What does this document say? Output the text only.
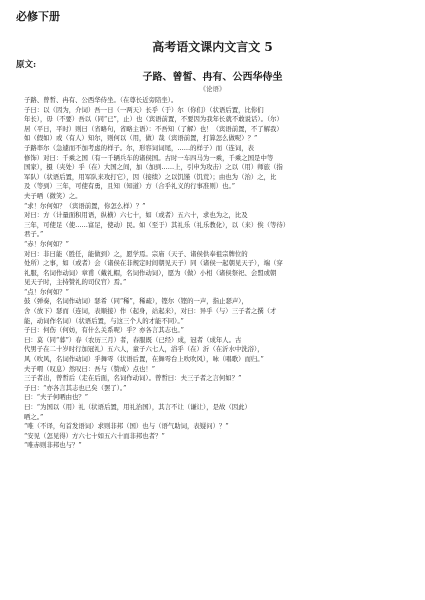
必修下册
高考语文课内文言文 5
原文:
子路、曾皙、冉有、公西华侍坐
《论语》
子路、曾皙、冉有、公西华侍坐。（在尊长近旁陪坐）。
子曰：以（因为，介词）吾一日（一两天）长乎（于）尔（你们）（状语后置，比你们
年长），毋（不要）吾以（同“已”，止）也（宾语前置，不要因为我年长就不敢说话）。（尔）
居（平日，平时）则曰（省略句，省略主语）：不吾知（了解）也！（宾语前置，不了解我）
如（假如）或（有人）知尔，则何以（用，做）哉（宾语前置，打算怎么做呢）？”
子路率尔（急遽而不加考虑的样子。尔，形容词词尾，……的样子）而（连词，表
修饰）对曰：千乘之国（有一千辆兵车的诸侯国。古时一车四马为一乘，千乘之国是中等
国家），摄（夹处）乎（在）大国之间，加（加到……上，引申为攻击）之以（用）师旅（指
军队）（状语后置，用军队来攻打它），因（接续）之以饥馑（饥荒）；由也为（治）之，比
及（等到）三年，可使有勇，且知（知道）方（合乎礼义的行事准则）也。”
夫子哂（微笑）之。
“求！尔何如？（宾语前置，你怎么样）？”
对曰：方（计量面积用语，纵横）六七十，如（或者）五六十，求也为之，比及
三年，可使足（使……富足，使动）民。如（至于）其礼乐（礼乐教化），以（来）俟（等待）
君子。”
“赤！尔何如？”
对曰：非曰能（胜任，能做到）之，愿学焉。宗庙（天子、诸侯供奉祖宗牌位的
处所）之事，如（或者）会（诸侯在非规定时间朝见天子）同（诸侯一起朝见天子），端（穿
礼服，名词作动词）章甫（戴礼帽，名词作动词），愿为（做）小相（诸侯祭祀、会盟或朝
见天子时，主持赞礼的司仪官）焉。”
“点！尔何如？”
鼓（弹奏，名词作动词）瑟希（同“稀”，稀疏），铿尔（铿的一声，指止瑟声），
舍（放下）瑟而（连词，表顺接）作（起身，站起来），对曰：异乎（与）三子者之撰（才
能，动词作名词）（状语后置，与这三个人的才能不同）。”
子曰：何伤（何妨，有什么关系呢）乎？亦各言其志也。”
曰：莫（同“暮”）春（农历三月）者，春服既（已经）成，冠者（成年人。古
代男子在二十岁时行加冠礼）五六人，童子六七人，浴乎（在）沂（在沂水中洗浴），
风（吹风，名词作动词）乎舞雩（状语后置，在舞雩台上吹吹风），咏（唱歌）而归。”
夫子喟（叹息）然叹曰：吾与（赞成）点也！”
三子者出，曾皙后（走在后面，名词作动词）。曾皙曰：夫三子者之言何如？”
子曰：“亦各言其志也已矣（罢了）。”
曰：“夫子何哂由也？”
曰：“为国以（用）礼（状语后置，用礼治国），其言不让（谦让），是故（因此）
哂之。”
“唯（不译，句首发语词）求则非邦（国）也与（语气助词，表疑问）？”
“安见（怎见得）方六七十如五六十而非邦也者？”
“唯赤则非邦也与？”
